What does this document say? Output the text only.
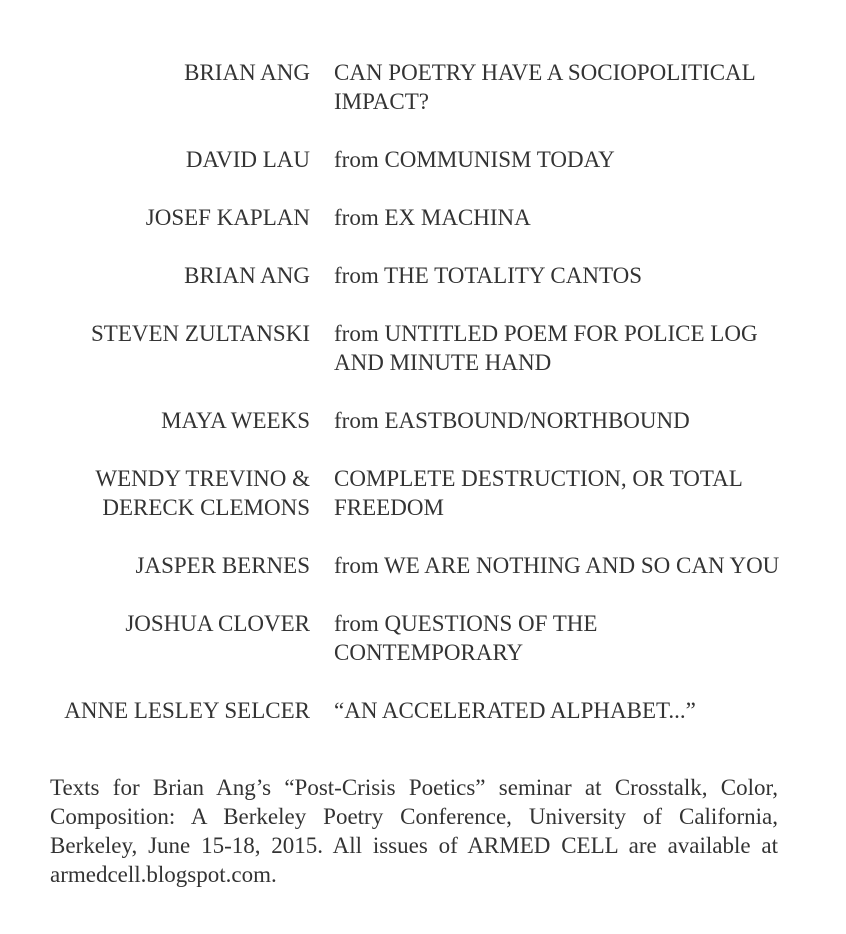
BRIAN ANG CAN POETRY HAVE A SOCIOPOLITICAL IMPACT?
DAVID LAU from COMMUNISM TODAY
JOSEF KAPLAN from EX MACHINA
BRIAN ANG from THE TOTALITY CANTOS
STEVEN ZULTANSKI from UNTITLED POEM FOR POLICE LOG AND MINUTE HAND
MAYA WEEKS from EASTBOUND/NORTHBOUND
WENDY TREVINO &
DERECK CLEMONS
COMPLETE DESTRUCTION, OR TOTAL FREEDOM
JASPER BERNES from WE ARE NOTHING AND SO CAN YOU
JOSHUA CLOVER from QUESTIONS OF THE CONTEMPORARY
ANNE LESLEY SELCER “AN ACCELERATED ALPHABET...”
Texts for Brian Ang’s “Post-Crisis Poetics” seminar at Crosstalk, Color, Composition: A Berkeley Poetry Conference, University of California, Berkeley, June 15-18, 2015. All issues of ARMED CELL are available at armedcell.blogspot.com.
